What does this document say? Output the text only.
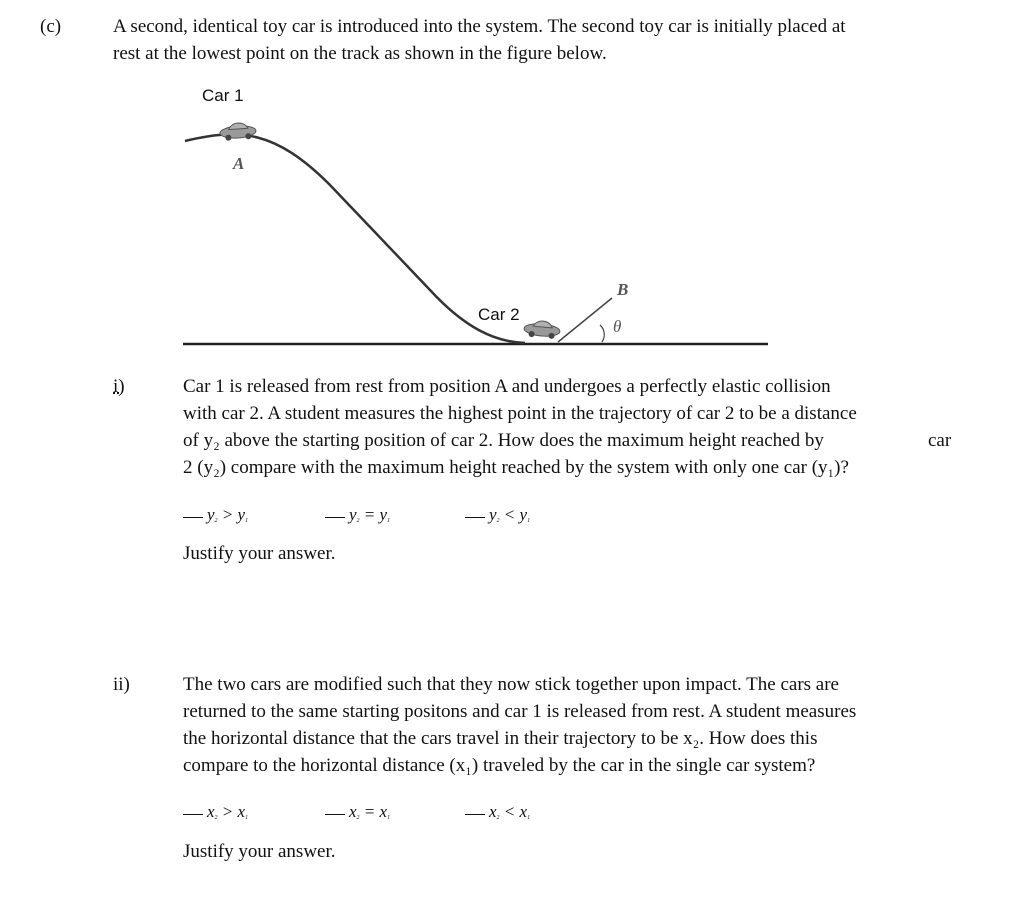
(c)	A second, identical toy car is introduced into the system. The second toy car is initially placed at
rest at the lowest point on the track as shown in the figure below.
Car 1
A
Car 2
B
θ
i)	Car 1 is released from rest from position A and undergoes a perfectly elastic collision
with car 2. A student measures the highest point in the trajectory of car 2 to be a distance
of y₂ above the starting position of car 2. How does the maximum height reached by
2 (y₂) compare with the maximum height reached by the system with only one car (y₁)?
car
$y_2 > y_1$	$y_2 = y_1$	$y_2 < y_1$
Justify your answer.
ii)	The two cars are modified such that they now stick together upon impact. The cars are
returned to the same starting positons and car 1 is released from rest. A student measures
the horizontal distance that the cars travel in their trajectory to be x₂. How does this
compare to the horizontal distance (x₁) traveled by the car in the single car system?
$x_2 > x_1$	$x_2 = x_1$	$x_2 < x_1$
Justify your answer.
